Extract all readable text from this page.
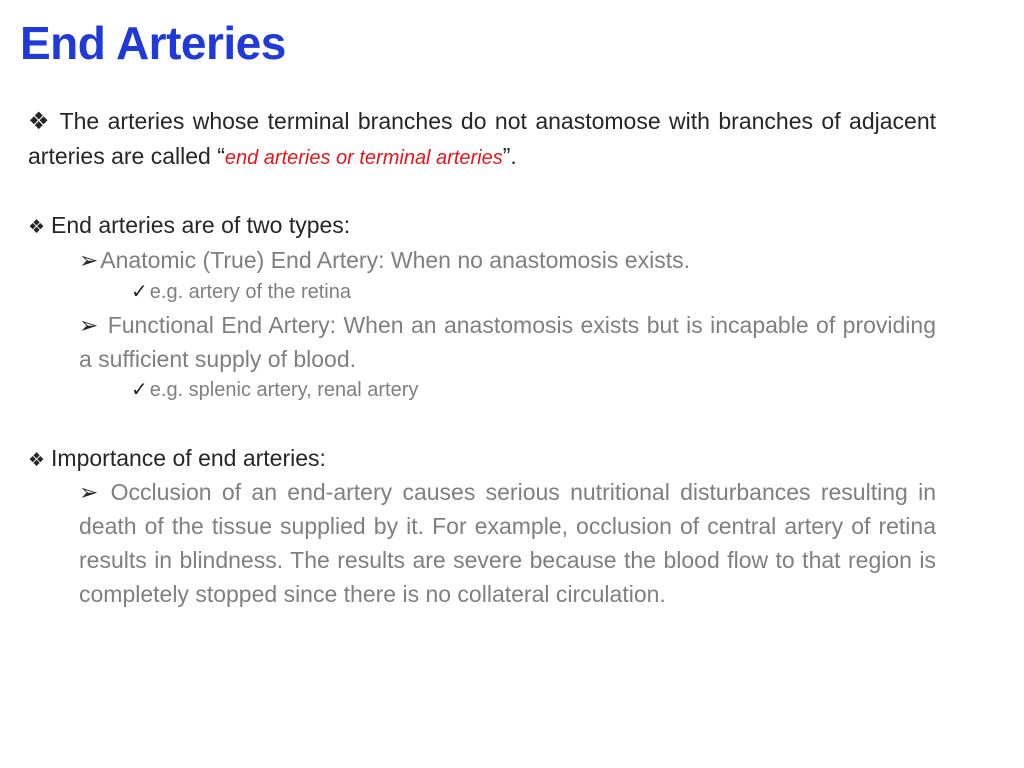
End Arteries
❖ The arteries whose terminal branches do not anastomose with branches of adjacent arteries are called “end arteries or terminal arteries”.
❖ End arteries are of two types:
➢Anatomic (True) End Artery: When no anastomosis exists.
✓ e.g. artery of the retina
➢ Functional End Artery: When an anastomosis exists but is incapable of providing a sufficient supply of blood.
✓ e.g. splenic artery, renal artery
❖ Importance of end arteries:
➢ Occlusion of an end-artery causes serious nutritional disturbances resulting in death of the tissue supplied by it. For example, occlusion of central artery of retina results in blindness. The results are severe because the blood flow to that region is completely stopped since there is no collateral circulation.
